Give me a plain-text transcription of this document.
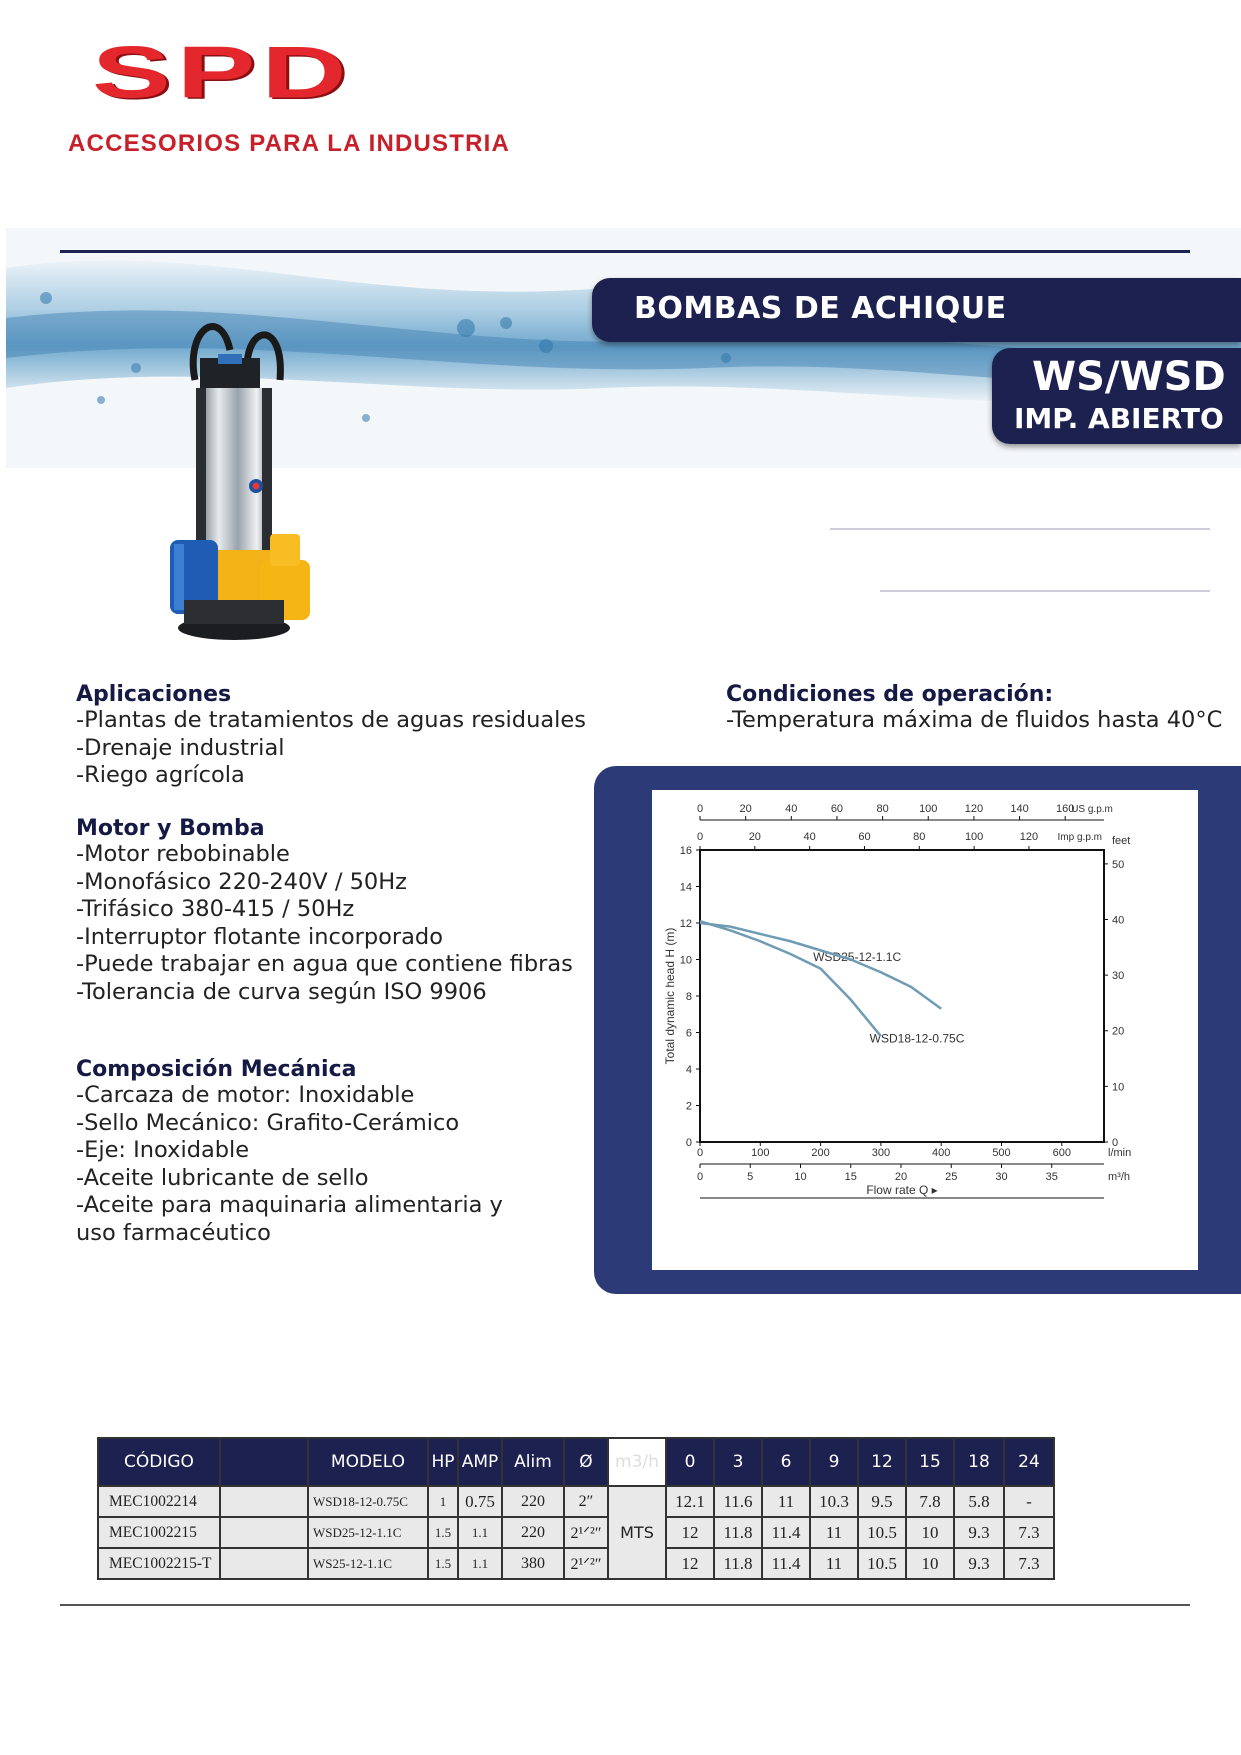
SPD
ACCESORIOS PARA LA INDUSTRIA
BOMBAS DE ACHIQUE
WS/WSD
IMP. ABIERTO

Aplicaciones

-Plantas de tratamientos de aguas residuales

-Drenaje industrial

-Riego agrícola

Motor y Bomba

-Motor rebobinable

-Monofásico 220-240V / 50Hz

-Trifásico 380-415 / 50Hz

-Interruptor flotante incorporado

-Puede trabajar en agua que contiene fibras

-Tolerancia de curva según ISO 9906

Composición Mecánica

-Carcaza de motor: Inoxidable

-Sello Mecánico: Grafito-Cerámico

-Eje: Inoxidable

-Aceite lubricante de sello

-Aceite para maquinaria alimentaria y

uso farmacéutico

Condiciones de operación:

-Temperatura máxima de fluidos hasta 40°C

0
2
4
6
8
10
12
14
16
0
10
20
30
40
50
feet
0	100	200	300	400	500	600	l/min
0	5	10	15	20	25	30	35	m³/h
Flow rate Q ▸
0	20	40	60	80	100 120 140 160
US g.p.m
0	20	40	60	80	100	120 Imp g.p.m
Total dynamic head H (m)	WSD25-12-1.1C
WSD18-12-0.75C
CÓDIGO		MODELO	HP	AMP	Alim	Ø	m3/h	0	3	6	9	12	15	18	24
MEC1002214		WSD18-12-0.75C	1	0.75	220	2″	MTS	12.1	11.6	11	10.3	9.5	7.8	5.8	-
MEC1002215		WSD25-12-1.1C	1.5	1.1	220	2¹ᐟ²″		12	11.8	11.4	11	10.5	10	9.3	7.3
MEC1002215-T		WS25-12-1.1C	1.5	1.1	380	2¹ᐟ²″		12	11.8	11.4	11	10.5	10	9.3	7.3
